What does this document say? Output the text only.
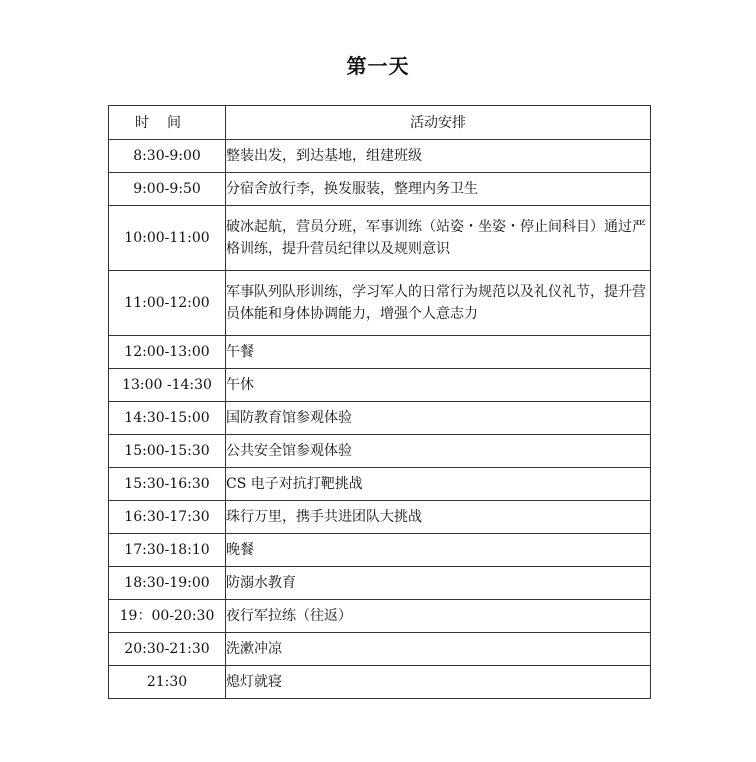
第一天
时间	活动安排
8:30-9:00	整装出发，到达基地，组建班级
9:00-9:50	分宿舍放行李，换发服装，整理内务卫生
10:00-11:00	破冰起航，营员分班，军事训练（站姿・坐姿・停止间科目）通过严格训练，提升营员纪律以及规则意识
11:00-12:00	军事队列队形训练，学习军人的日常行为规范以及礼仪礼节，提升营员体能和身体协调能力，增强个人意志力
12:00-13:00	午餐
13:00 -14:30	午休
14:30-15:00	国防教育馆参观体验
15:00-15:30	公共安全馆参观体验
15:30-16:30	CS 电子对抗打靶挑战
16:30-17:30	珠行万里，携手共进团队大挑战
17:30-18:10	晚餐
18:30-19:00	防溺水教育
19：00-20:30	夜行军拉练（往返）
20:30-21:30	洗漱冲凉
21:30	熄灯就寝
